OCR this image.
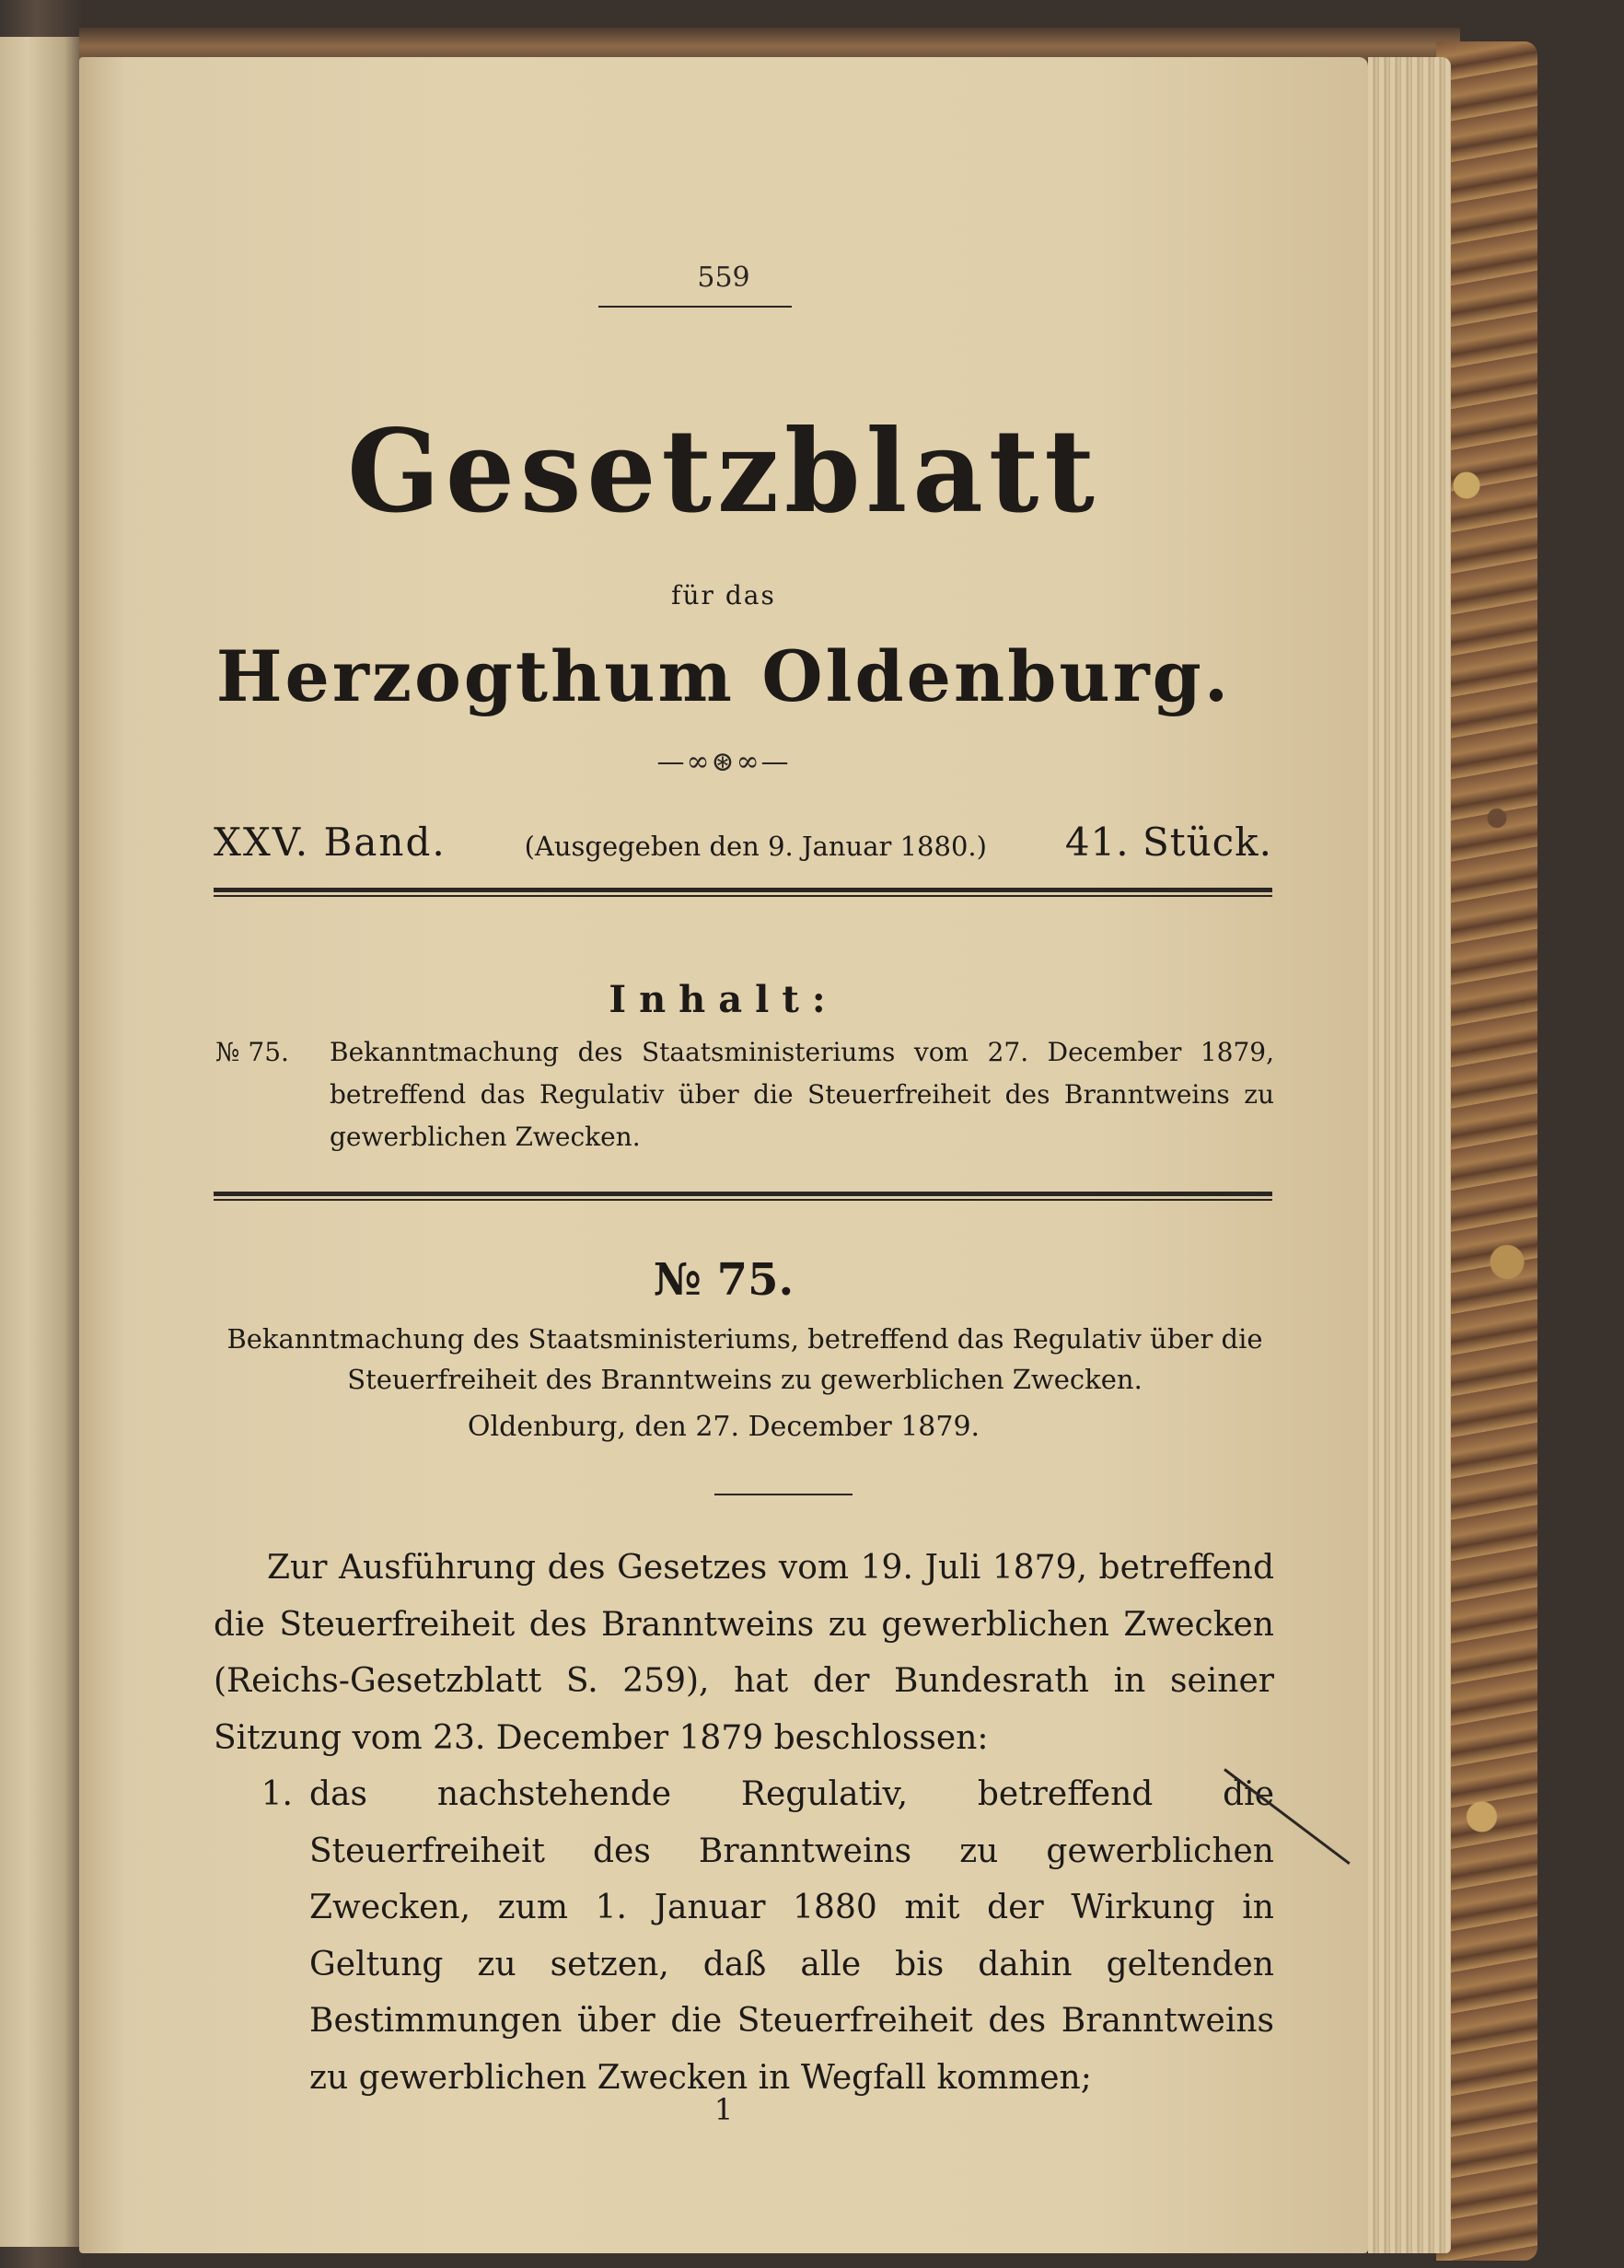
559
Gesetzblatt
für das
Herzogthum Oldenburg.
—∞⊛∞—
XXV. Band.	(Ausgegeben den 9. Januar 1880.) 41. Stück.
Inhalt:
№ 75.	Bekanntmachung des Staatsministeriums vom 27. December 1879, betreffend das Regulativ über die Steuerfreiheit des Branntweins zu gewerblichen Zwecken.
№ 75.
Bekanntmachung des Staatsministeriums, betreffend das Regulativ über die Steuerfreiheit des Branntweins zu gewerblichen Zwecken.
Oldenburg, den 27. December 1879.

Zur Ausführung des Gesetzes vom 19. Juli 1879, betreffend die Steuerfreiheit des Branntweins zu gewerblichen Zwecken (Reichs-Gesetzblatt S. 259), hat der Bundesrath in seiner Sitzung vom 23. December 1879 beschlossen:

1. das nachstehende Regulativ, betreffend die Steuerfreiheit des Branntweins zu gewerblichen Zwecken, zum 1. Januar 1880 mit der Wirkung in Geltung zu setzen, daß alle bis dahin geltenden Bestimmungen über die Steuerfreiheit des Branntweins zu gewerblichen Zwecken in Wegfall kommen;
1
